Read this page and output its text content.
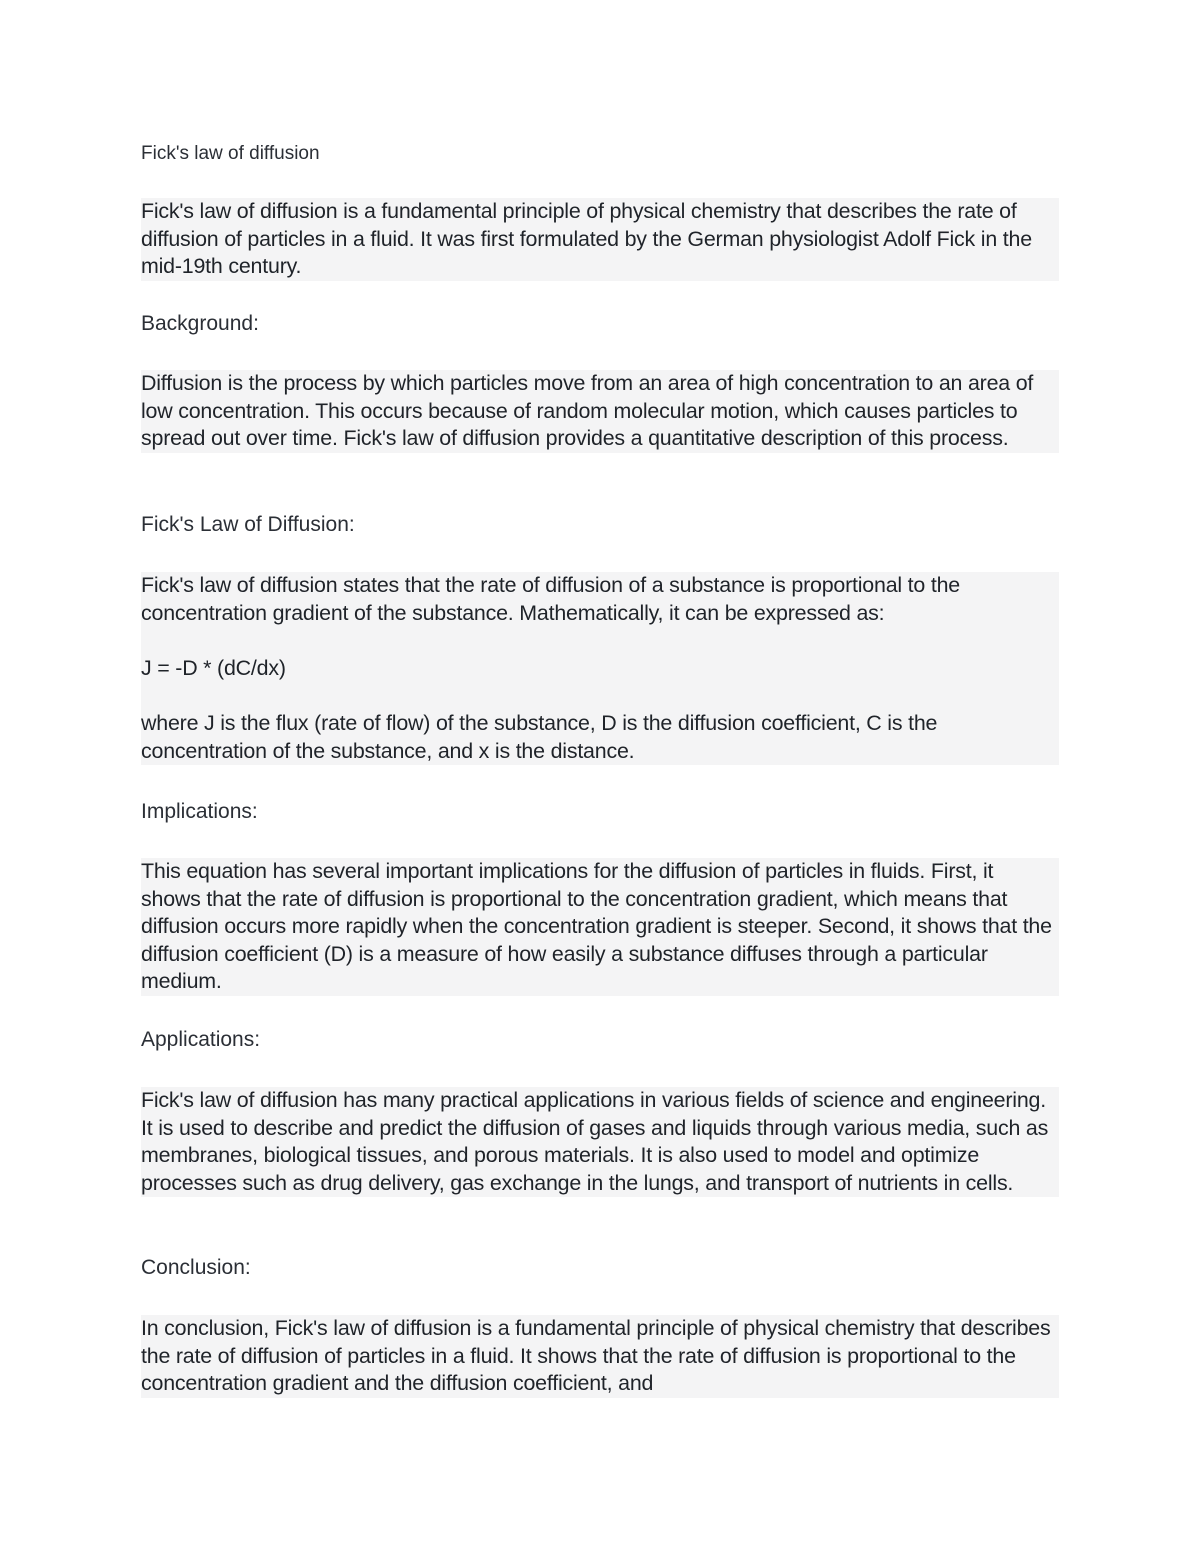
Fick's law of diffusion

Fick's law of diffusion is a fundamental principle of physical chemistry that describes the rate of diffusion of particles in a fluid. It was first formulated by the German physiologist Adolf Fick in the mid-19th century.

Background:

Diffusion is the process by which particles move from an area of high concentration to an area of low concentration. This occurs because of random molecular motion, which causes particles to spread out over time. Fick's law of diffusion provides a quantitative description of this process.

Fick's Law of Diffusion:

Fick's law of diffusion states that the rate of diffusion of a substance is proportional to the concentration gradient of the substance. Mathematically, it can be expressed as:

J = -D * (dC/dx)

where J is the flux (rate of flow) of the substance, D is the diffusion coefficient, C is the concentration of the substance, and x is the distance.

Implications:

This equation has several important implications for the diffusion of particles in fluids. First, it shows that the rate of diffusion is proportional to the concentration gradient, which means that diffusion occurs more rapidly when the concentration gradient is steeper. Second, it shows that the diffusion coefficient (D) is a measure of how easily a substance diffuses through a particular medium.

Applications:

Fick's law of diffusion has many practical applications in various fields of science and engineering. It is used to describe and predict the diffusion of gases and liquids through various media, such as membranes, biological tissues, and porous materials. It is also used to model and optimize processes such as drug delivery, gas exchange in the lungs, and transport of nutrients in cells.

Conclusion:

In conclusion, Fick's law of diffusion is a fundamental principle of physical chemistry that describes the rate of diffusion of particles in a fluid. It shows that the rate of diffusion is proportional to the concentration gradient and the diffusion coefficient, and
